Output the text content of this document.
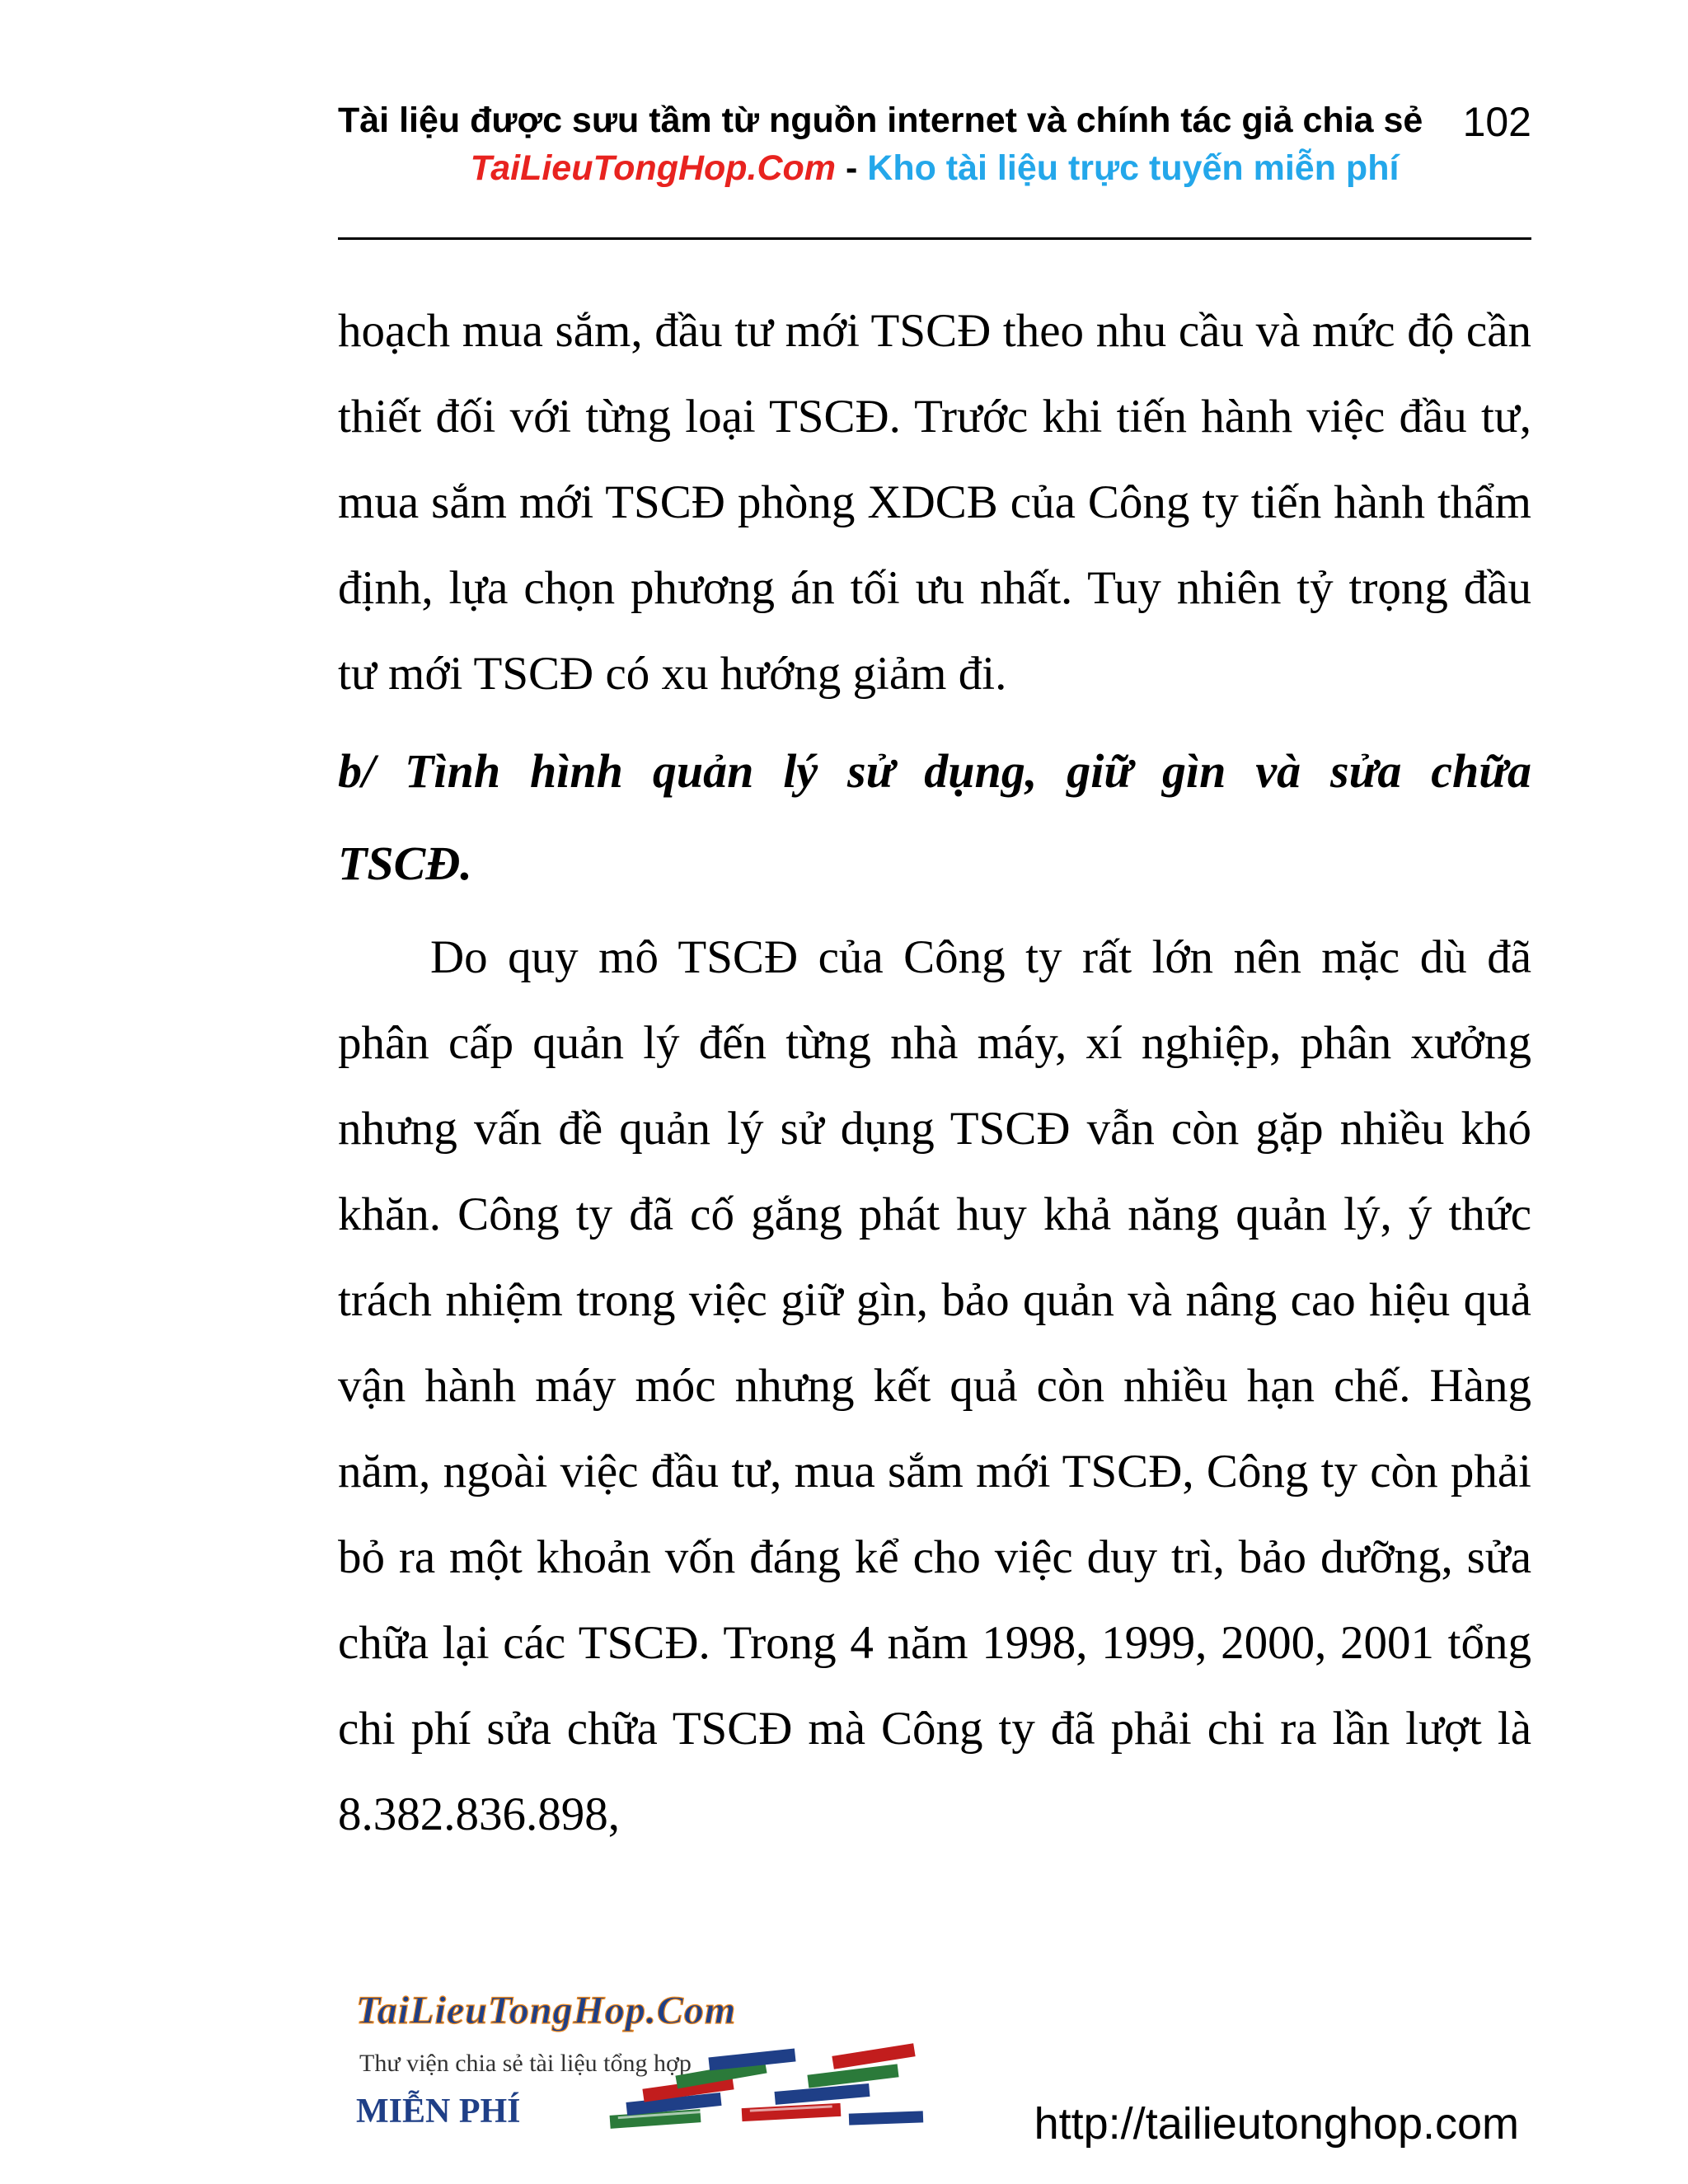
Tài liệu được sưu tầm từ nguồn internet và chính tác giả chia sẻ 102
TaiLieuTongHop.Com - Kho tài liệu trực tuyến miễn phí

hoạch mua sắm, đầu tư mới TSCĐ theo nhu cầu và mức độ cần thiết đối với từng loại TSCĐ. Trước khi tiến hành việc đầu tư, mua sắm mới TSCĐ phòng XDCB của Công ty tiến hành thẩm định, lựa chọn phương án tối ưu nhất. Tuy nhiên tỷ trọng đầu tư mới TSCĐ có xu hướng giảm đi.

b/ Tình hình quản lý sử dụng, giữ gìn và sửa chữa TSCĐ.

Do quy mô TSCĐ của Công ty rất lớn nên mặc dù đã phân cấp quản lý đến từng nhà máy, xí nghiệp, phân xưởng nhưng vấn đề quản lý sử dụng TSCĐ vẫn còn gặp nhiều khó khăn. Công ty đã cố gắng phát huy khả năng quản lý, ý thức trách nhiệm trong việc giữ gìn, bảo quản và nâng cao hiệu quả vận hành máy móc nhưng kết quả còn nhiều hạn chế. Hàng năm, ngoài việc đầu tư, mua sắm mới TSCĐ, Công ty còn phải bỏ ra một khoản vốn đáng kể cho việc duy trì, bảo dưỡng, sửa chữa lại các TSCĐ. Trong 4 năm 1998, 1999, 2000, 2001 tổng chi phí sửa chữa TSCĐ mà Công ty đã phải chi ra lần lượt là 8.382.836.898,

TaiLieuTongHop.Com
Thư viện chia sẻ tài liệu tổng hợp
MIỄN PHÍ	http://tailieutonghop.com
